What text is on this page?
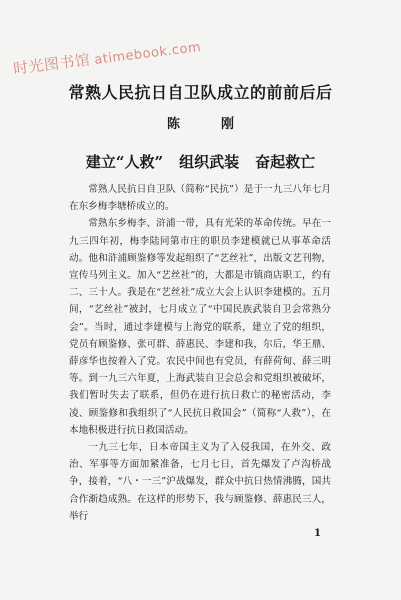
时光图书馆 atimebook.com
常熟人民抗日自卫队成立的前前后后
陈　刚
建立“人救” 组织武装 奋起救亡

常熟人民抗日自卫队（简称“民抗”）是于一九三八年七月在东乡梅李塘桥成立的。

常熟东乡梅李、浒浦一带，具有光荣的革命传统。早在一九三四年初，梅李陆同第市庄的职员李建模就已从事革命活动。他和浒浦顾鉴修等发起组织了“艺丝社”，出版文艺刊物，宣传马列主义。加入“艺丝社”的，大都是市镇商店职工，约有二、三十人。我是在“艺丝社”成立大会上认识李建模的。五月间，“艺丝社”被封，七月成立了“中国民族武装自卫会常熟分会”。当时，通过李建模与上海党的联系，建立了党的组织，党员有顾鉴修、张可群、薛惠民、李建和我，尔后，华王鼎、薛彦华也按着入了党。农民中间也有党员，有薛荷甸、薛三明等。到一九三六年夏，上海武装自卫会总会和党组织被破坏，我们暂时失去了联系，但仍在进行抗日救亡的秘密活动，李凌、顾鉴修和我组织了“人民抗日救国会”（简称“人救”），在本地积极进行抗日救国活动。

一九三七年，日本帝国主义为了入侵我国，在外交、政治、军事等方面加紧准备，七月七日，首先爆发了卢沟桥战争，接着，“八・一三”沪战爆发，群众中抗日热情沸腾，国共合作渐趋成熟。在这样的形势下，我与顾鉴修、薛惠民三人，举行

1
